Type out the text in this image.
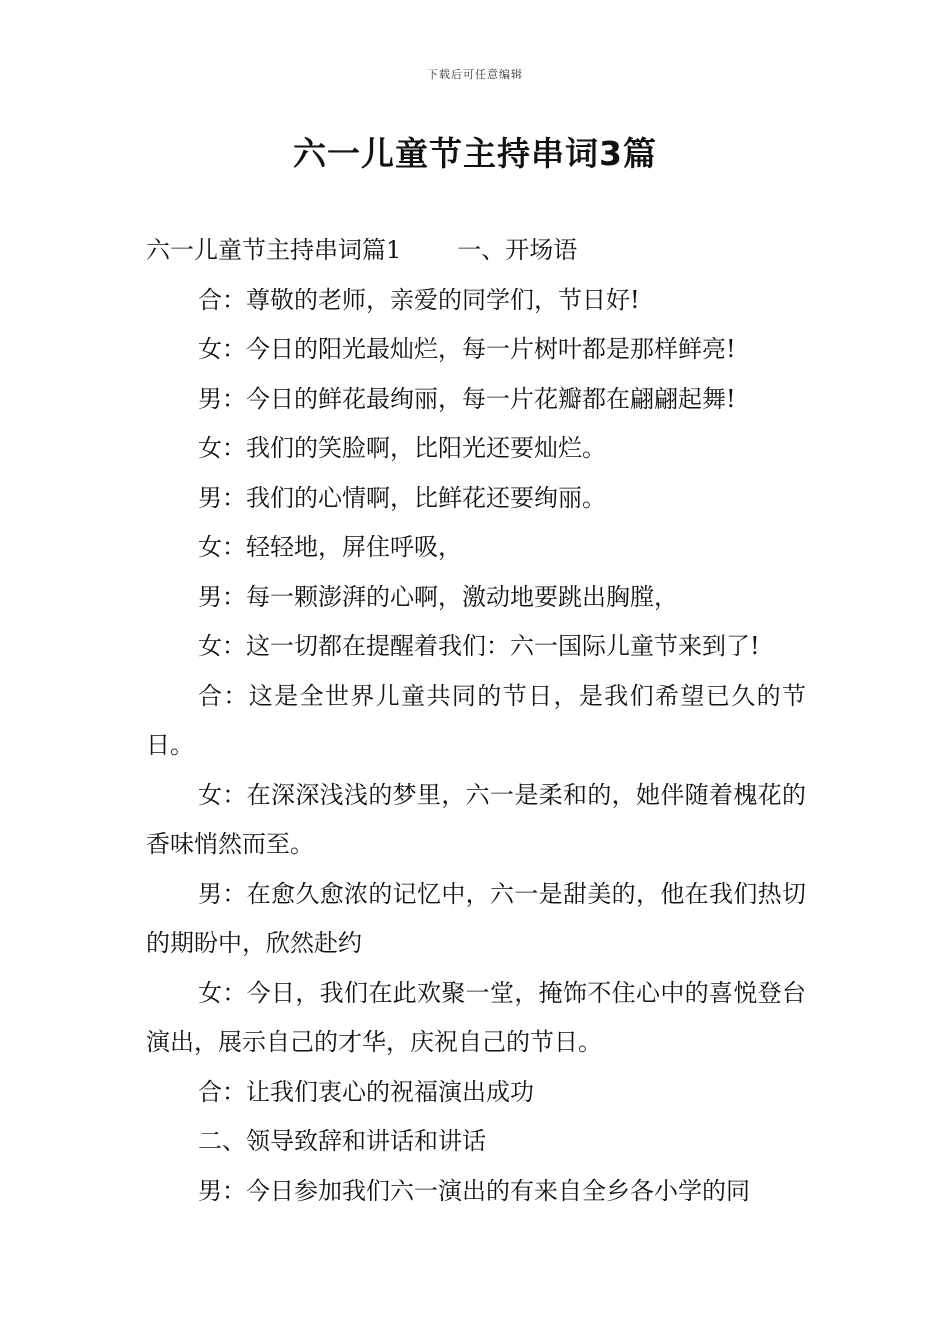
下载后可任意编辑
六一儿童节主持串词3篇

六一儿童节主持串词篇1 一、开场语

合：尊敬的老师，亲爱的同学们，节日好!

女：今日的阳光最灿烂，每一片树叶都是那样鲜亮!

男：今日的鲜花最绚丽，每一片花瓣都在翩翩起舞!

女：我们的笑脸啊，比阳光还要灿烂。

男：我们的心情啊，比鲜花还要绚丽。

女：轻轻地，屏住呼吸，

男：每一颗澎湃的心啊，激动地要跳出胸膛，

女：这一切都在提醒着我们：六一国际儿童节来到了!

合：这是全世界儿童共同的节日，是我们希望已久的节日。

女：在深深浅浅的梦里，六一是柔和的，她伴随着槐花的香味悄然而至。

男：在愈久愈浓的记忆中，六一是甜美的，他在我们热切的期盼中，欣然赴约

女：今日，我们在此欢聚一堂，掩饰不住心中的喜悦登台演出，展示自己的才华，庆祝自己的节日。

合：让我们衷心的祝福演出成功

二、领导致辞和讲话和讲话

男：今日参加我们六一演出的有来自全乡各小学的同
